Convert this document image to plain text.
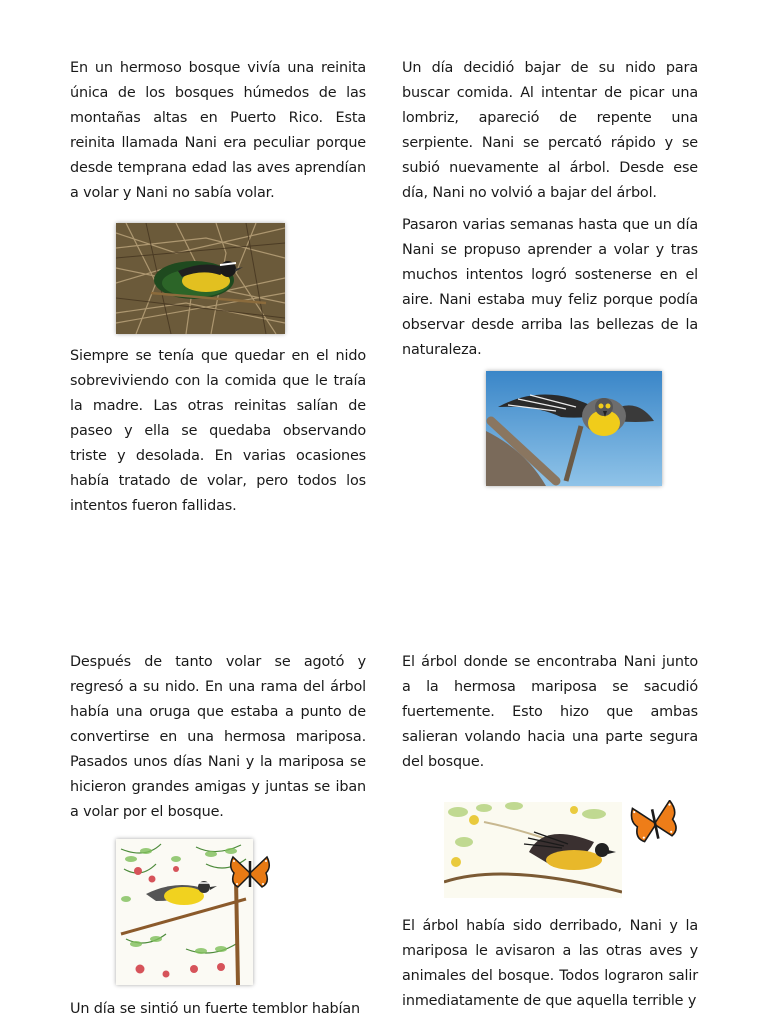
En un hermoso bosque vivía una reinita única de los bosques húmedos de las montañas altas en Puerto Rico. Esta reinita llamada Nani era peculiar porque desde temprana edad las aves aprendían a volar y Nani no sabía volar.

Siempre se tenía que quedar en el nido sobreviviendo con la comida que le traía la madre. Las otras reinitas salían de paseo y ella se quedaba observando triste y desolada. En varias ocasiones había tratado de volar, pero todos los intentos fueron fallidas.

Un día decidió bajar de su nido para buscar comida. Al intentar de picar una lombriz, apareció de repente una serpiente. Nani se percató rápido y se subió nuevamente al árbol. Desde ese día, Nani no volvió a bajar del árbol.

Pasaron varias semanas hasta que un día Nani se propuso aprender a volar y tras muchos intentos logró sostenerse en el aire. Nani estaba muy feliz porque podía observar desde arriba las bellezas de la naturaleza.

Después de tanto volar se agotó y regresó a su nido. En una rama del árbol había una oruga que estaba a punto de convertirse en una hermosa mariposa. Pasados unos días Nani y la mariposa se hicieron grandes amigas y juntas se iban a volar por el bosque.

Un día se sintió un fuerte temblor habían

El árbol donde se encontraba Nani junto a la hermosa mariposa se sacudió fuertemente. Esto hizo que ambas salieran volando hacia una parte segura del bosque.

El árbol había sido derribado, Nani y la mariposa le avisaron a las otras aves y animales del bosque. Todos lograron salir inmediatamente de que aquella terrible y
